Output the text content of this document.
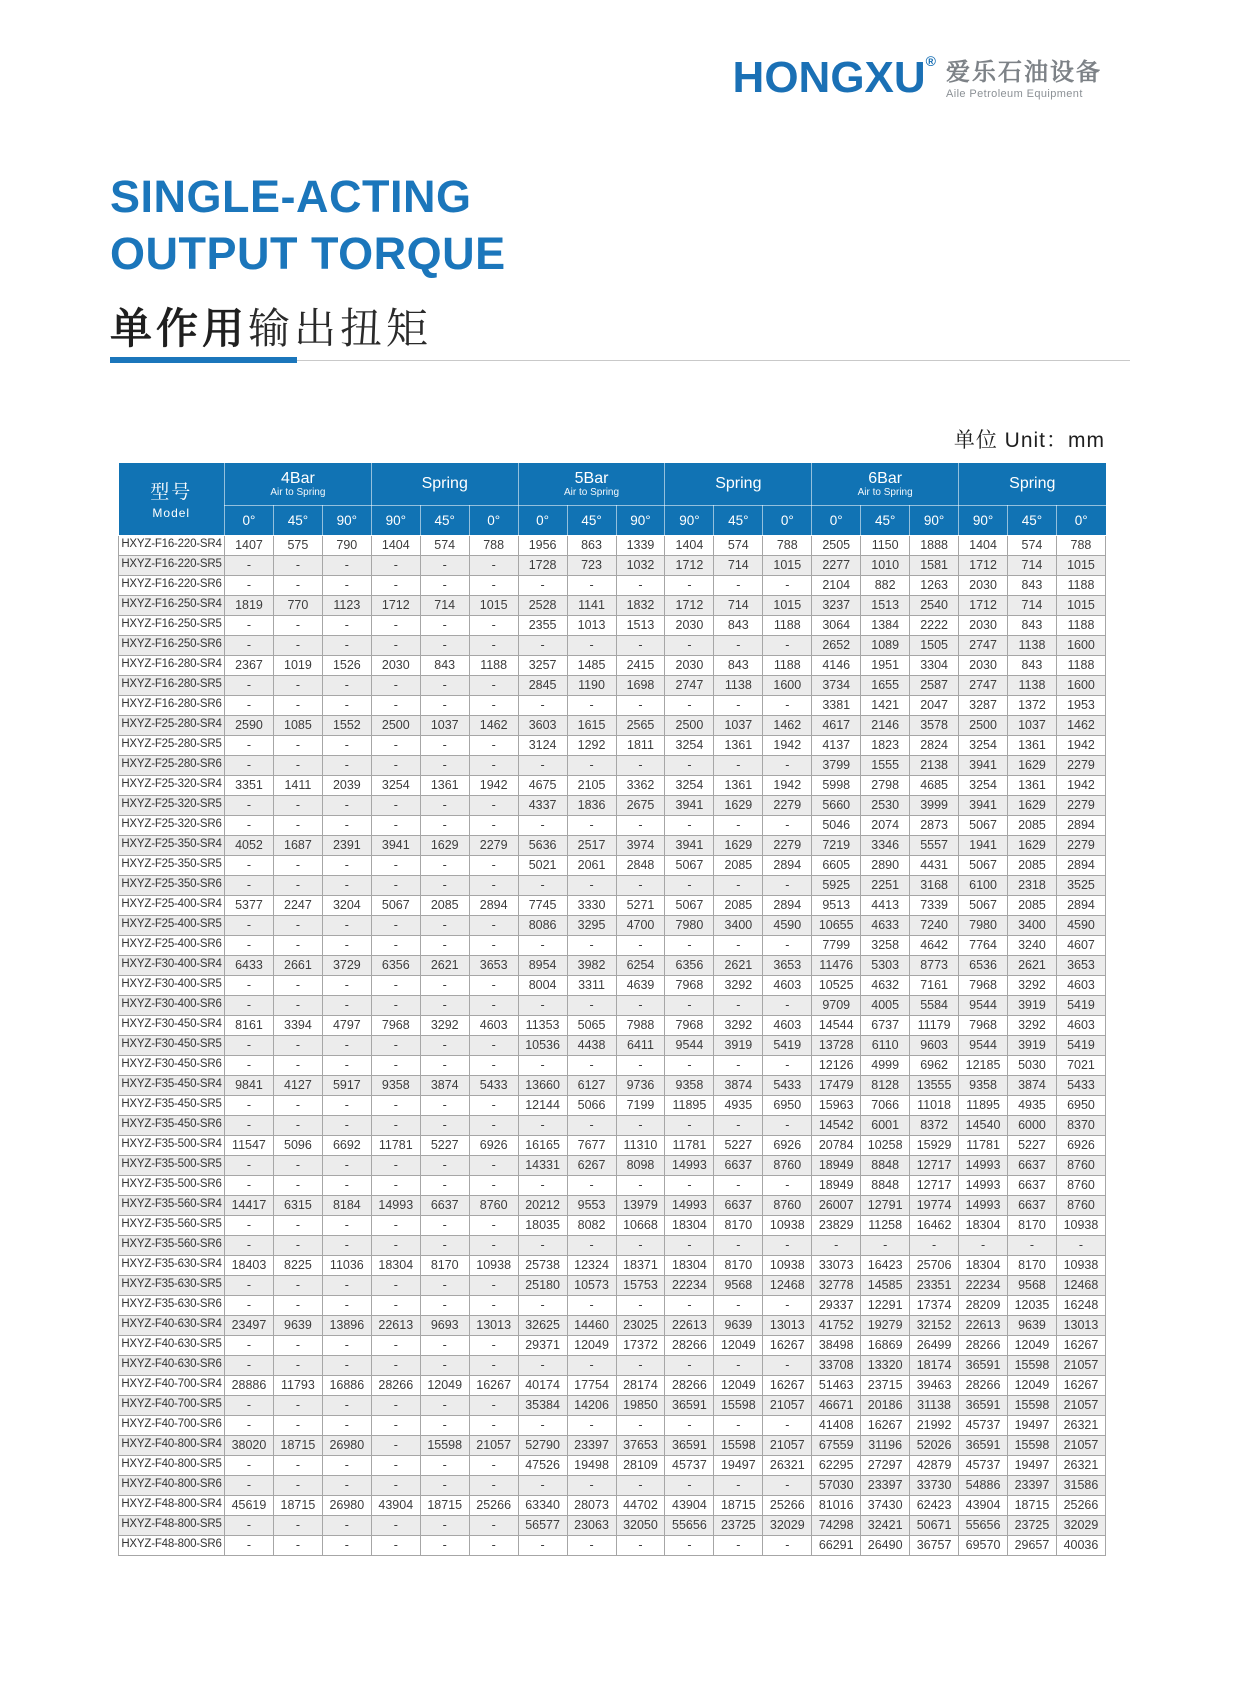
HONGXU® 爱乐石油设备
Aile Petroleum Equipment
SINGLE-ACTING
OUTPUT TORQUE
单作用输出扭矩
单位 Unit：mm
型号
Model

4Bar
Air to Spring

Spring	5Bar
Air to Spring

Spring	6Bar
Air to Spring

Spring

	0°	45°	90°	90°	45°	0°	0°	45°	90°	90°	45°	0°	0°	45°	90°	90°	45°	0°
HXYZ-F16-220-SR4	1407	575	790	1404	574	788	1956	863	1339	1404	574	788	2505	1150	1888	1404	574	788
HXYZ-F16-220-SR5	-	-	-	-	-	-	1728	723	1032	1712	714	1015	2277	1010	1581	1712	714	1015
HXYZ-F16-220-SR6	-	-	-	-	-	-	-	-	-	-	-	-	2104	882	1263	2030	843	1188
HXYZ-F16-250-SR4	1819	770	1123	1712	714	1015	2528	1141	1832	1712	714	1015	3237	1513	2540	1712	714	1015
HXYZ-F16-250-SR5	-	-	-	-	-	-	2355	1013	1513	2030	843	1188	3064	1384	2222	2030	843	1188
HXYZ-F16-250-SR6	-	-	-	-	-	-	-	-	-	-	-	-	2652	1089	1505	2747	1138	1600
HXYZ-F16-280-SR4	2367	1019	1526	2030	843	1188	3257	1485	2415	2030	843	1188	4146	1951	3304	2030	843	1188
HXYZ-F16-280-SR5	-	-	-	-	-	-	2845	1190	1698	2747	1138	1600	3734	1655	2587	2747	1138	1600
HXYZ-F16-280-SR6	-	-	-	-	-	-	-	-	-	-	-	-	3381	1421	2047	3287	1372	1953
HXYZ-F25-280-SR4	2590	1085	1552	2500	1037	1462	3603	1615	2565	2500	1037	1462	4617	2146	3578	2500	1037	1462
HXYZ-F25-280-SR5	-	-	-	-	-	-	3124	1292	1811	3254	1361	1942	4137	1823	2824	3254	1361	1942
HXYZ-F25-280-SR6	-	-	-	-	-	-	-	-	-	-	-	-	3799	1555	2138	3941	1629	2279
HXYZ-F25-320-SR4	3351	1411	2039	3254	1361	1942	4675	2105	3362	3254	1361	1942	5998	2798	4685	3254	1361	1942
HXYZ-F25-320-SR5	-	-	-	-	-	-	4337	1836	2675	3941	1629	2279	5660	2530	3999	3941	1629	2279
HXYZ-F25-320-SR6	-	-	-	-	-	-	-	-	-	-	-	-	5046	2074	2873	5067	2085	2894
HXYZ-F25-350-SR4	4052	1687	2391	3941	1629	2279	5636	2517	3974	3941	1629	2279	7219	3346	5557	1941	1629	2279
HXYZ-F25-350-SR5	-	-	-	-	-	-	5021	2061	2848	5067	2085	2894	6605	2890	4431	5067	2085	2894
HXYZ-F25-350-SR6	-	-	-	-	-	-	-	-	-	-	-	-	5925	2251	3168	6100	2318	3525
HXYZ-F25-400-SR4	5377	2247	3204	5067	2085	2894	7745	3330	5271	5067	2085	2894	9513	4413	7339	5067	2085	2894
HXYZ-F25-400-SR5	-	-	-	-	-	-	8086	3295	4700	7980	3400	4590	10655	4633	7240	7980	3400	4590
HXYZ-F25-400-SR6	-	-	-	-	-	-	-	-	-	-	-	-	7799	3258	4642	7764	3240	4607
HXYZ-F30-400-SR4	6433	2661	3729	6356	2621	3653	8954	3982	6254	6356	2621	3653	11476	5303	8773	6536	2621	3653
HXYZ-F30-400-SR5	-	-	-	-	-	-	8004	3311	4639	7968	3292	4603	10525	4632	7161	7968	3292	4603
HXYZ-F30-400-SR6	-	-	-	-	-	-	-	-	-	-	-	-	9709	4005	5584	9544	3919	5419
HXYZ-F30-450-SR4	8161	3394	4797	7968	3292	4603	11353	5065	7988	7968	3292	4603	14544	6737	11179	7968	3292	4603
HXYZ-F30-450-SR5	-	-	-	-	-	-	10536	4438	6411	9544	3919	5419	13728	6110	9603	9544	3919	5419
HXYZ-F30-450-SR6	-	-	-	-	-	-	-	-	-	-	-	-	12126	4999	6962	12185	5030	7021
HXYZ-F35-450-SR4	9841	4127	5917	9358	3874	5433	13660	6127	9736	9358	3874	5433	17479	8128	13555	9358	3874	5433
HXYZ-F35-450-SR5	-	-	-	-	-	-	12144	5066	7199	11895	4935	6950	15963	7066	11018	11895	4935	6950
HXYZ-F35-450-SR6	-	-	-	-	-	-	-	-	-	-	-	-	14542	6001	8372	14540	6000	8370
HXYZ-F35-500-SR4	11547	5096	6692	11781	5227	6926	16165	7677	11310	11781	5227	6926	20784	10258	15929	11781	5227	6926
HXYZ-F35-500-SR5	-	-	-	-	-	-	14331	6267	8098	14993	6637	8760	18949	8848	12717	14993	6637	8760
HXYZ-F35-500-SR6	-	-	-	-	-	-	-	-	-	-	-	-	18949	8848	12717	14993	6637	8760
HXYZ-F35-560-SR4	14417	6315	8184	14993	6637	8760	20212	9553	13979	14993	6637	8760	26007	12791	19774	14993	6637	8760
HXYZ-F35-560-SR5	-	-	-	-	-	-	18035	8082	10668	18304	8170	10938	23829	11258	16462	18304	8170	10938
HXYZ-F35-560-SR6	-	-	-	-	-	-	-	-	-	-	-	-	-	-	-	-	-	-
HXYZ-F35-630-SR4	18403	8225	11036	18304	8170	10938	25738	12324	18371	18304	8170	10938	33073	16423	25706	18304	8170	10938
HXYZ-F35-630-SR5	-	-	-	-	-	-	25180	10573	15753	22234	9568	12468	32778	14585	23351	22234	9568	12468
HXYZ-F35-630-SR6	-	-	-	-	-	-	-	-	-	-	-	-	29337	12291	17374	28209	12035	16248
HXYZ-F40-630-SR4	23497	9639	13896	22613	9693	13013	32625	14460	23025	22613	9639	13013	41752	19279	32152	22613	9639	13013
HXYZ-F40-630-SR5	-	-	-	-	-	-	29371	12049	17372	28266	12049	16267	38498	16869	26499	28266	12049	16267
HXYZ-F40-630-SR6	-	-	-	-	-	-	-	-	-	-	-	-	33708	13320	18174	36591	15598	21057
HXYZ-F40-700-SR4	28886	11793	16886	28266	12049	16267	40174	17754	28174	28266	12049	16267	51463	23715	39463	28266	12049	16267
HXYZ-F40-700-SR5	-	-	-	-	-	-	35384	14206	19850	36591	15598	21057	46671	20186	31138	36591	15598	21057
HXYZ-F40-700-SR6	-	-	-	-	-	-	-	-	-	-	-	-	41408	16267	21992	45737	19497	26321
HXYZ-F40-800-SR4	38020	18715	26980	-	15598	21057	52790	23397	37653	36591	15598	21057	67559	31196	52026	36591	15598	21057
HXYZ-F40-800-SR5	-	-	-	-	-	-	47526	19498	28109	45737	19497	26321	62295	27297	42879	45737	19497	26321
HXYZ-F40-800-SR6	-	-	-	-	-	-	-	-	-	-	-	-	57030	23397	33730	54886	23397	31586
HXYZ-F48-800-SR4	45619	18715	26980	43904	18715	25266	63340	28073	44702	43904	18715	25266	81016	37430	62423	43904	18715	25266
HXYZ-F48-800-SR5	-	-	-	-	-	-	56577	23063	32050	55656	23725	32029	74298	32421	50671	55656	23725	32029
HXYZ-F48-800-SR6	-	-	-	-	-	-	-	-	-	-	-	-	66291	26490	36757	69570	29657	40036
